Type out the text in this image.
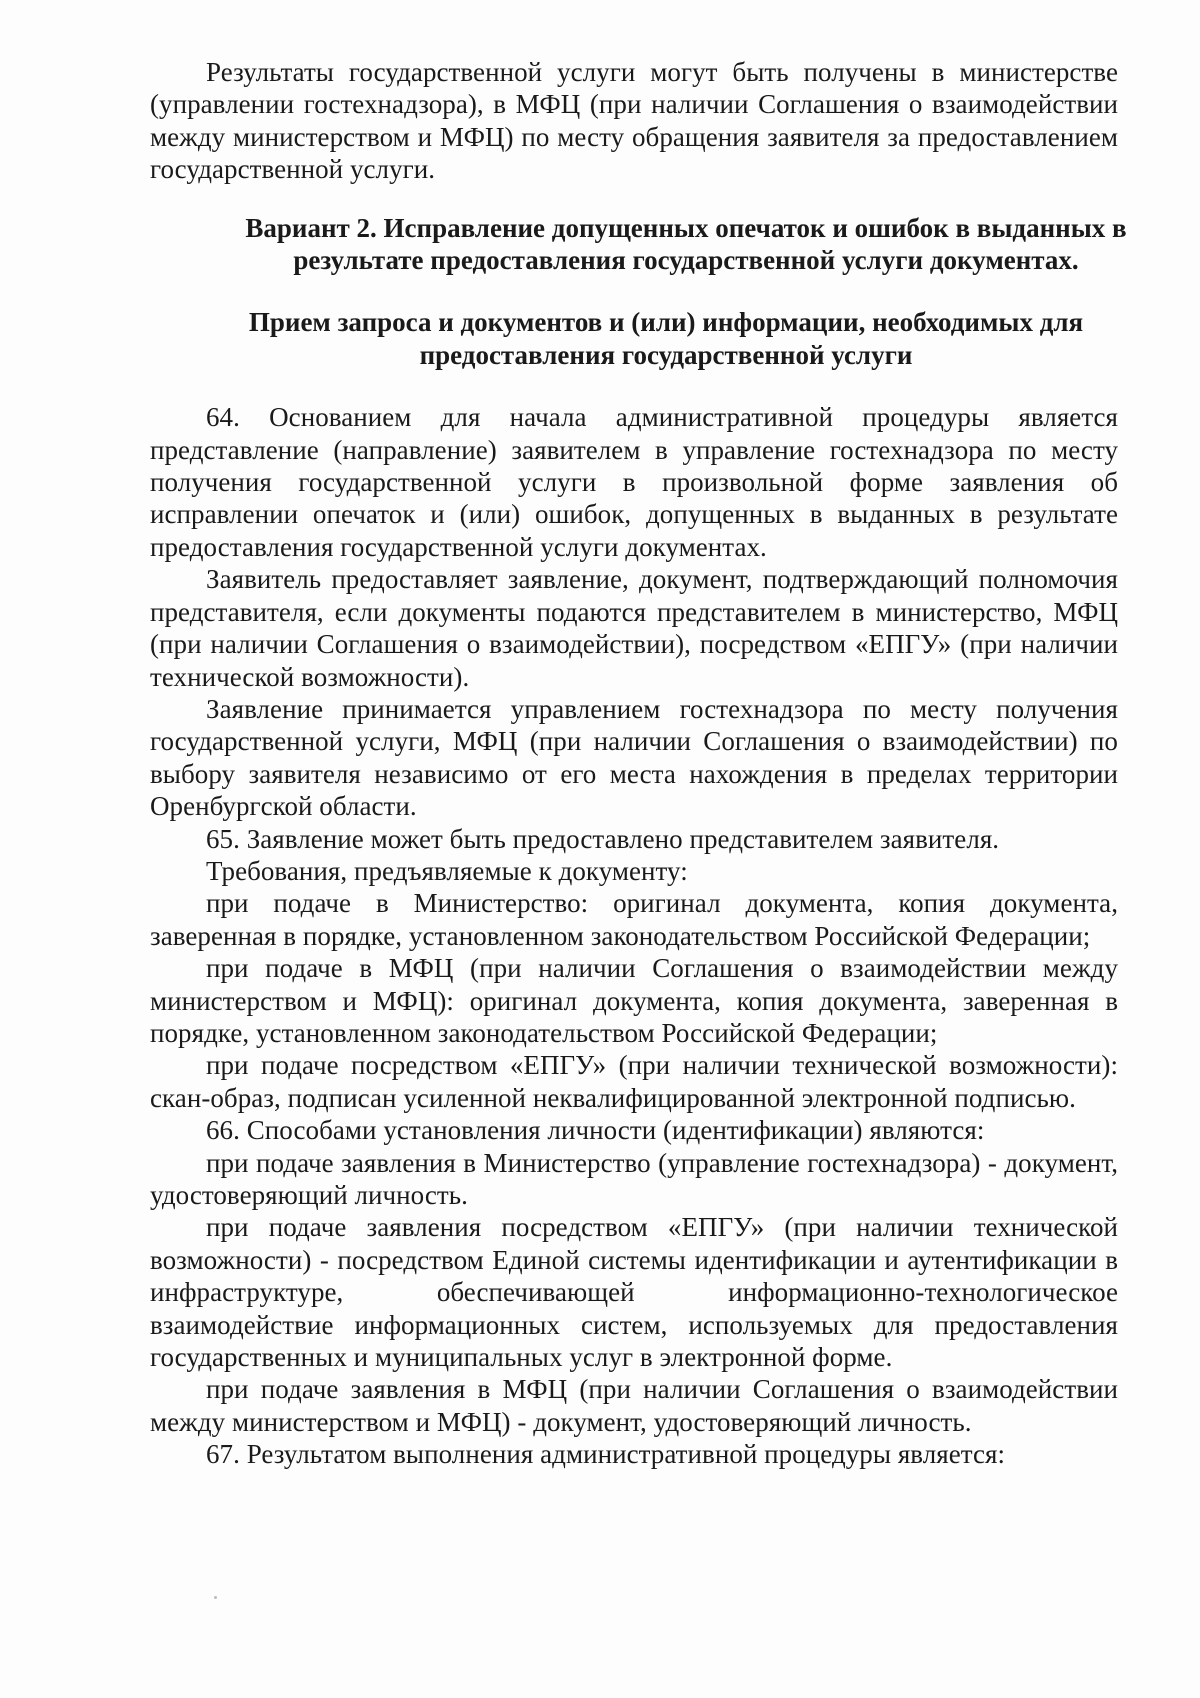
Результаты государственной услуги могут быть получены в министерстве (управлении гостехнадзора), в МФЦ (при наличии Соглашения о взаимодействии между министерством и МФЦ) по месту обращения заявителя за предоставлением государственной услуги.

Вариант 2. Исправление допущенных опечаток и ошибок в выданных в результате предоставления государственной услуги документах.
Прием запроса и документов и (или) информации, необходимых для предоставления государственной услуги

64. Основанием для начала административной процедуры является представление (направление) заявителем в управление гостехнадзора по месту получения государственной услуги в произвольной форме заявления об исправлении опечаток и (или) ошибок, допущенных в выданных в результате предоставления государственной услуги документах.

Заявитель предоставляет заявление, документ, подтверждающий полномочия представителя, если документы подаются представителем в министерство, МФЦ (при наличии Соглашения о взаимодействии), посредством «ЕПГУ» (при наличии технической возможности).

Заявление принимается управлением гостехнадзора по месту получения государственной услуги, МФЦ (при наличии Соглашения о взаимодействии) по выбору заявителя независимо от его места нахождения в пределах территории Оренбургской области.

65. Заявление может быть предоставлено представителем заявителя.

Требования, предъявляемые к документу:

при подаче в Министерство: оригинал документа, копия документа, заверенная в порядке, установленном законодательством Российской Федерации;

при подаче в МФЦ (при наличии Соглашения о взаимодействии между министерством и МФЦ): оригинал документа, копия документа, заверенная в порядке, установленном законодательством Российской Федерации;

при подаче посредством «ЕПГУ» (при наличии технической возможности): скан-образ, подписан усиленной неквалифицированной электронной подписью.

66. Способами установления личности (идентификации) являются:

при подаче заявления в Министерство (управление гостехнадзора) - документ, удостоверяющий личность.

при подаче заявления посредством «ЕПГУ» (при наличии технической возможности) - посредством Единой системы идентификации и аутентификации в инфраструктуре, обеспечивающей информационно-технологическое взаимодействие информационных систем, используемых для предоставления государственных и муниципальных услуг в электронной форме.

при подаче заявления в МФЦ (при наличии Соглашения о взаимодействии между министерством и МФЦ) - документ, удостоверяющий личность.

67. Результатом выполнения административной процедуры является:
